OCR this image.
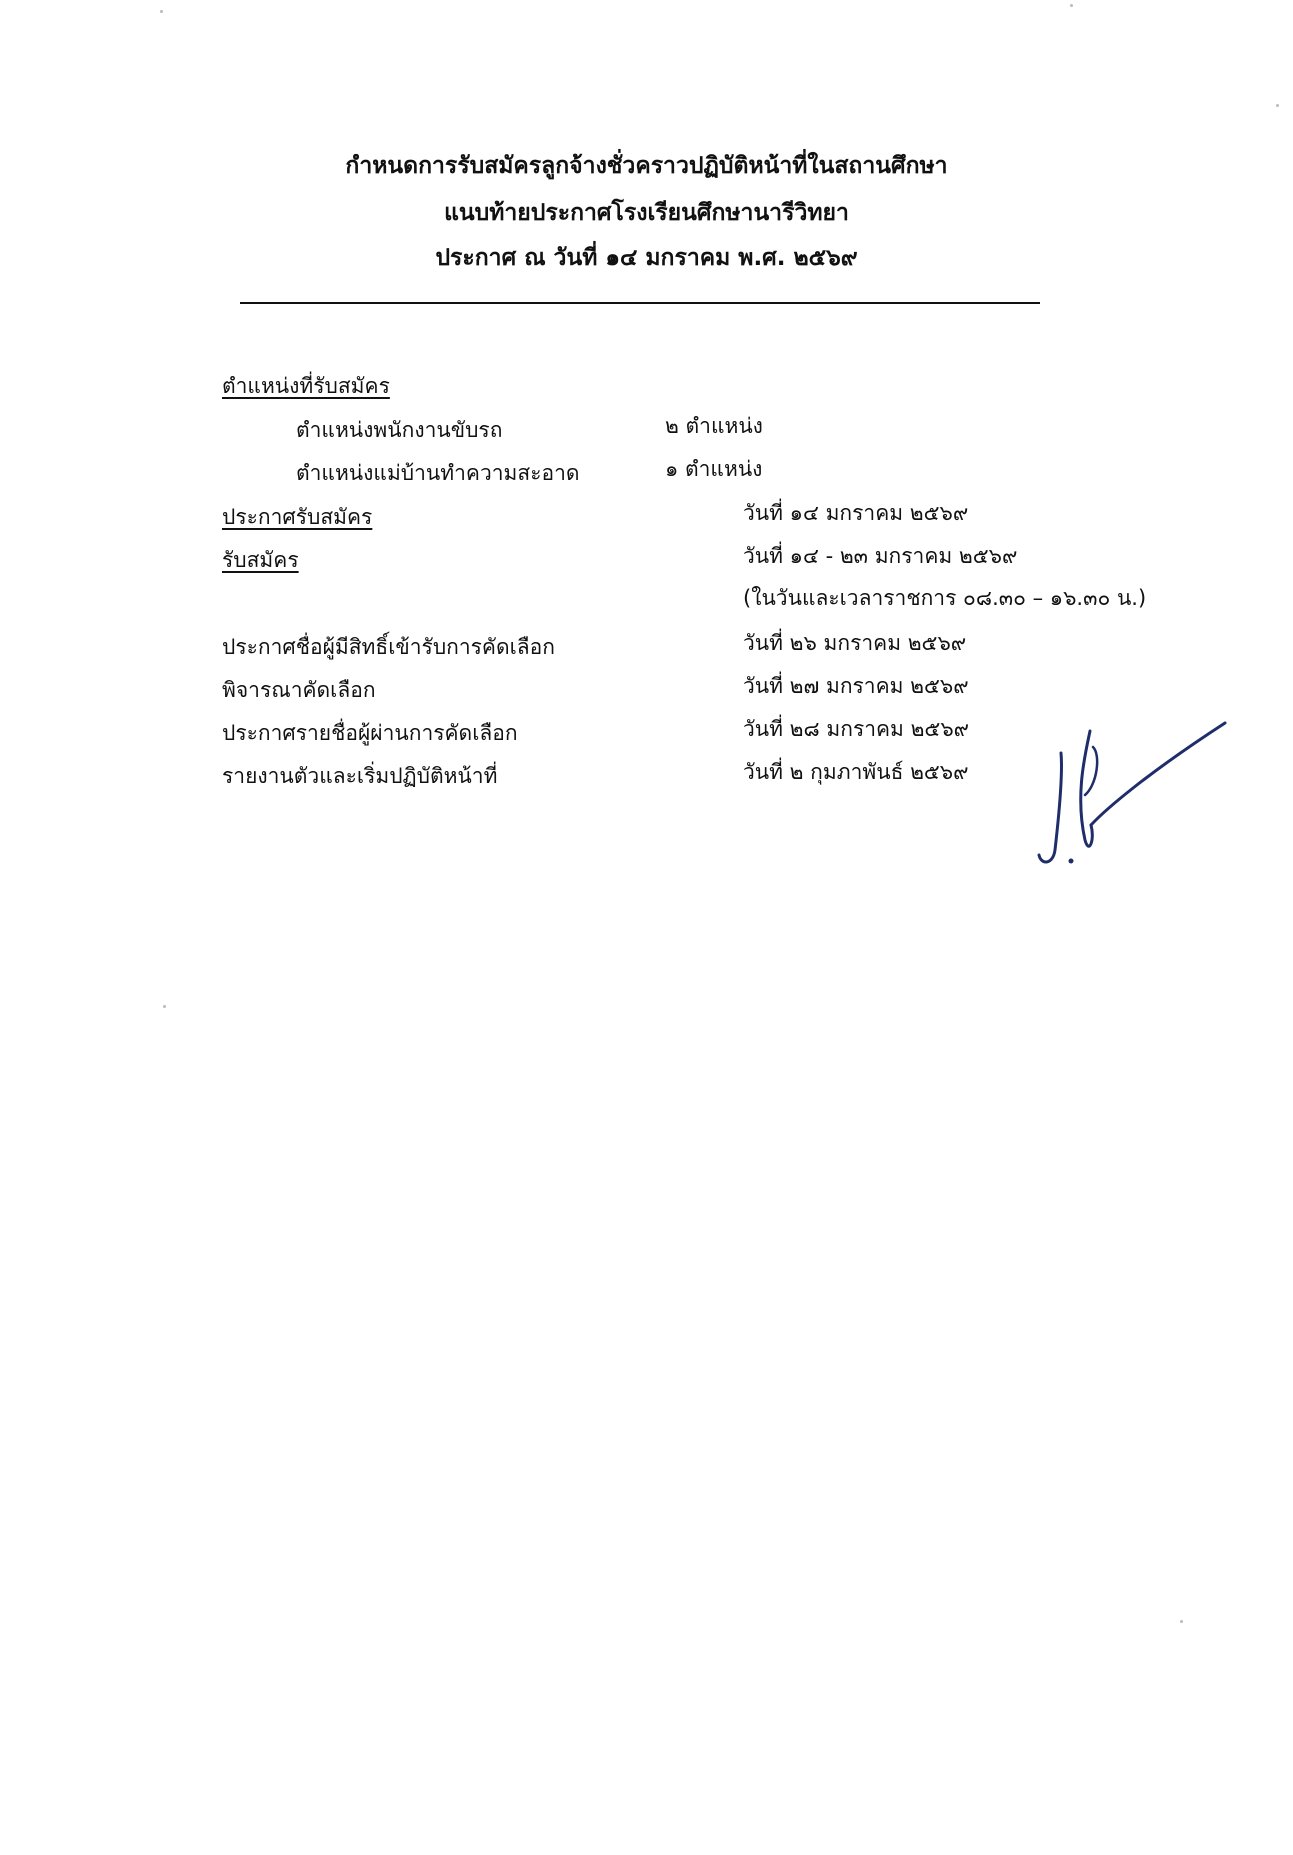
กำหนดการรับสมัครลูกจ้างชั่วคราวปฏิบัติหน้าที่ในสถานศึกษา
แนบท้ายประกาศโรงเรียนศึกษานารีวิทยา
ประกาศ ณ วันที่ ๑๔ มกราคม พ.ศ. ๒๕๖๙
ตำแหน่งที่รับสมัคร
ตำแหน่งพนักงานขับรถ	๒ ตำแหน่ง
ตำแหน่งแม่บ้านทำความสะอาด	๑ ตำแหน่ง
ประกาศรับสมัคร	วันที่ ๑๔ มกราคม ๒๕๖๙
รับสมัคร	วันที่ ๑๔ - ๒๓ มกราคม ๒๕๖๙
(ในวันและเวลาราชการ ๐๘.๓๐ – ๑๖.๓๐ น.)
ประกาศชื่อผู้มีสิทธิ์เข้ารับการคัดเลือก	วันที่ ๒๖ มกราคม ๒๕๖๙
พิจารณาคัดเลือก	วันที่ ๒๗ มกราคม ๒๕๖๙
ประกาศรายชื่อผู้ผ่านการคัดเลือก	วันที่ ๒๘ มกราคม ๒๕๖๙
รายงานตัวและเริ่มปฏิบัติหน้าที่	วันที่ ๒ กุมภาพันธ์ ๒๕๖๙
